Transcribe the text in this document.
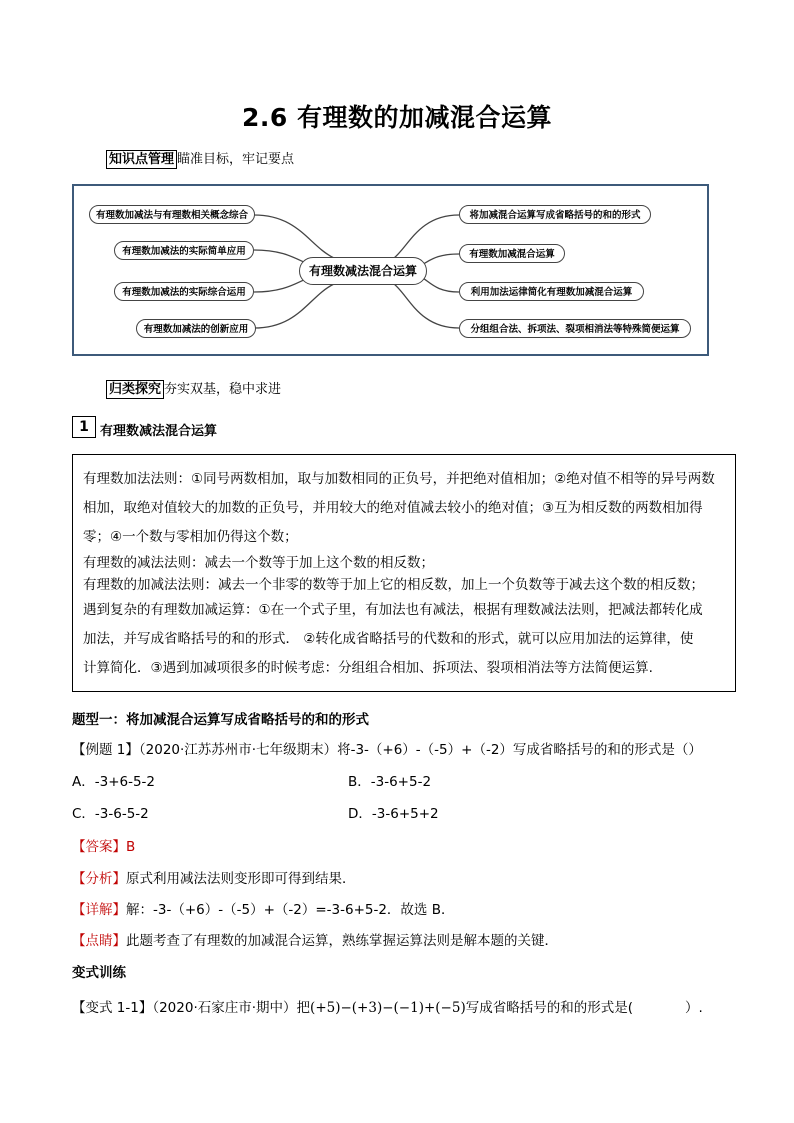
2.6 有理数的加减混合运算
知识点管理 瞄准目标，牢记要点
有理数减法混合运算
有理数加减法与有理数相关概念综合
有理数加减法的实际简单应用
有理数加减法的实际综合运用
有理数加减法的创新应用
将加减混合运算写成省略括号的和的形式
有理数加减混合运算
利用加法运律简化有理数加减混合运算
分组组合法、拆项法、裂项相消法等特殊简便运算
归类探究 夯实双基，稳中求进
1 有理数减法混合运算

有理数加法法则：①同号两数相加，取与加数相同的正负号，并把绝对值相加；②绝对值不相等的异号两数

相加，取绝对值较大的加数的正负号，并用较大的绝对值减去较小的绝对值；③互为相反数的两数相加得

零；④一个数与零相加仍得这个数；

有理数的减法法则：减去一个数等于加上这个数的相反数；

有理数的加减法法则：减去一个非零的数等于加上它的相反数，加上一个负数等于减去这个数的相反数；

遇到复杂的有理数加减运算：①在一个式子里，有加法也有减法，根据有理数减法法则，把减法都转化成

加法，并写成省略括号的和的形式． ②转化成省略括号的代数和的形式，就可以应用加法的运算律，使

计算简化．③遇到加减项很多的时候考虑：分组组合相加、拆项法、裂项相消法等方法简便运算.

题型一：将加减混合运算写成省略括号的和的形式
【例题 1】（2020·江苏苏州市·七年级期末）将-3-（+6）-（-5）+（-2）写成省略括号的和的形式是（）
A．-3+6-5-2	B．-3-6+5-2
C．-3-6-5-2	D．-3-6+5+2
【答案】B
【分析】原式利用减法法则变形即可得到结果．
【详解】解：-3-（+6）-（-5）+（-2）=-3-6+5-2．故选 B．
【点睛】此题考查了有理数的加减混合运算，熟练掌握运算法则是解本题的关键．
变式训练
【变式 1-1】（2020·石家庄市·期中）把(+5)−(+3)−(−1)+(−5)写成省略括号的和的形式是(	）.
